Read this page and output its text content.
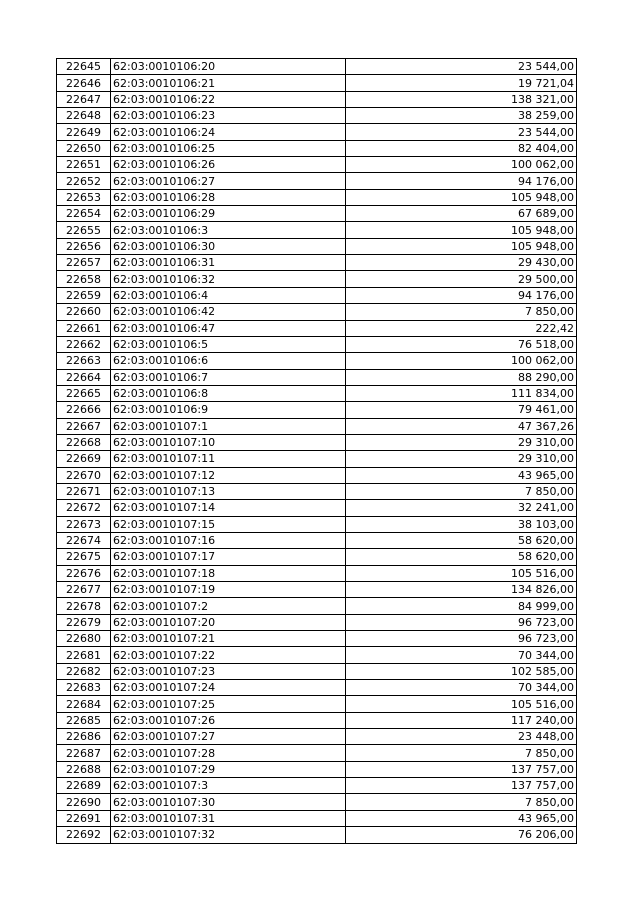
22645	62:03:0010106:20	23 544,00
22646	62:03:0010106:21	19 721,04
22647	62:03:0010106:22	138 321,00
22648	62:03:0010106:23	38 259,00
22649	62:03:0010106:24	23 544,00
22650	62:03:0010106:25	82 404,00
22651	62:03:0010106:26	100 062,00
22652	62:03:0010106:27	94 176,00
22653	62:03:0010106:28	105 948,00
22654	62:03:0010106:29	67 689,00
22655	62:03:0010106:3	105 948,00
22656	62:03:0010106:30	105 948,00
22657	62:03:0010106:31	29 430,00
22658	62:03:0010106:32	29 500,00
22659	62:03:0010106:4	94 176,00
22660	62:03:0010106:42	7 850,00
22661	62:03:0010106:47	222,42
22662	62:03:0010106:5	76 518,00
22663	62:03:0010106:6	100 062,00
22664	62:03:0010106:7	88 290,00
22665	62:03:0010106:8	111 834,00
22666	62:03:0010106:9	79 461,00
22667	62:03:0010107:1	47 367,26
22668	62:03:0010107:10	29 310,00
22669	62:03:0010107:11	29 310,00
22670	62:03:0010107:12	43 965,00
22671	62:03:0010107:13	7 850,00
22672	62:03:0010107:14	32 241,00
22673	62:03:0010107:15	38 103,00
22674	62:03:0010107:16	58 620,00
22675	62:03:0010107:17	58 620,00
22676	62:03:0010107:18	105 516,00
22677	62:03:0010107:19	134 826,00
22678	62:03:0010107:2	84 999,00
22679	62:03:0010107:20	96 723,00
22680	62:03:0010107:21	96 723,00
22681	62:03:0010107:22	70 344,00
22682	62:03:0010107:23	102 585,00
22683	62:03:0010107:24	70 344,00
22684	62:03:0010107:25	105 516,00
22685	62:03:0010107:26	117 240,00
22686	62:03:0010107:27	23 448,00
22687	62:03:0010107:28	7 850,00
22688	62:03:0010107:29	137 757,00
22689	62:03:0010107:3	137 757,00
22690	62:03:0010107:30	7 850,00
22691	62:03:0010107:31	43 965,00
22692	62:03:0010107:32	76 206,00
